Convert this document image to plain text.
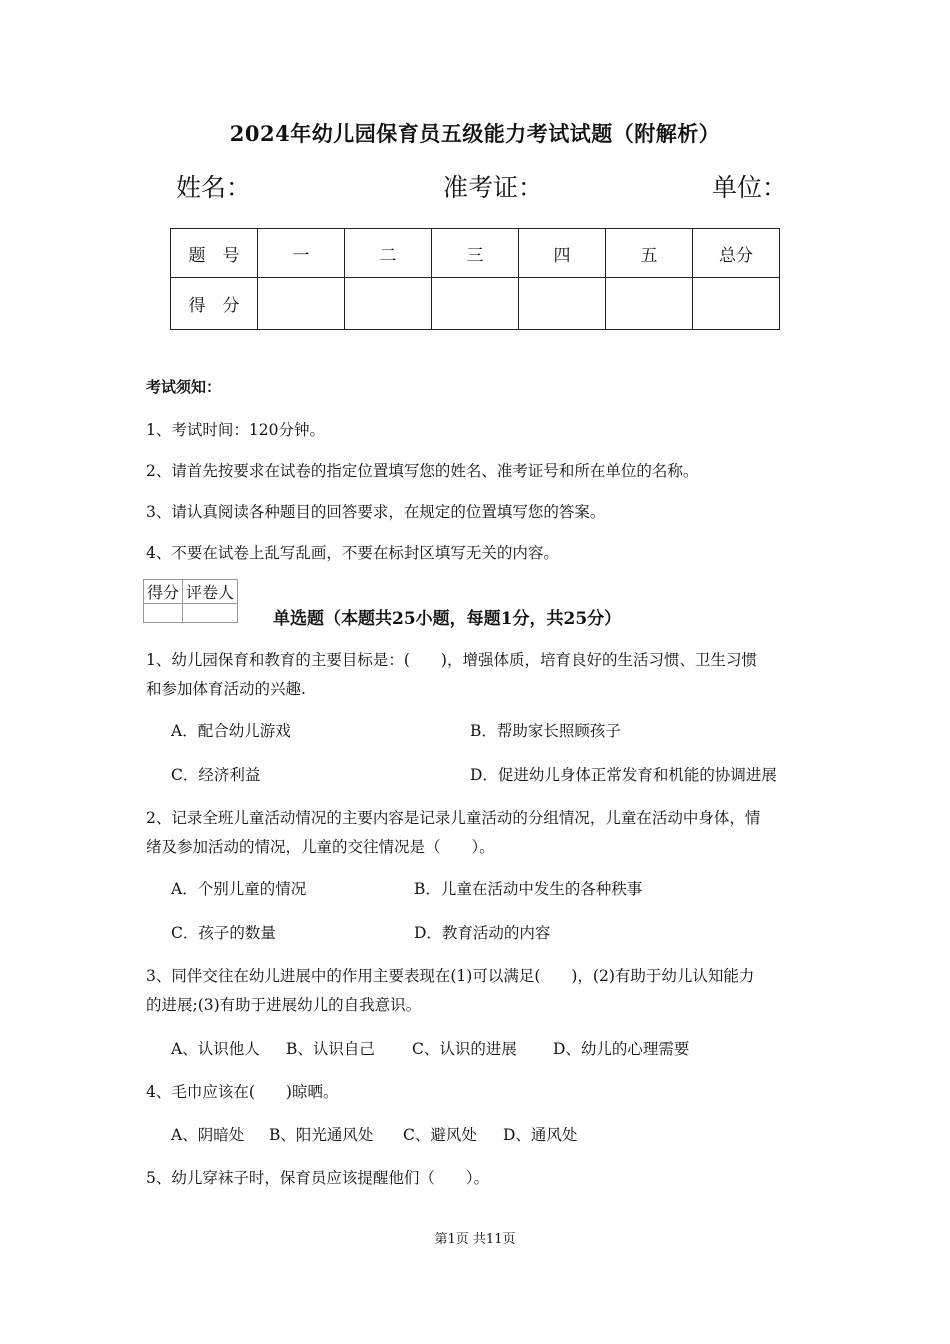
2024年幼儿园保育员五级能力考试试题（附解析）
姓名：	准考证：	单位：
题　号	一	二	三	四	五	总分
得　分						
考试须知：
1、考试时间：120分钟。
2、请首先按要求在试卷的指定位置填写您的姓名、准考证号和所在单位的名称。
3、请认真阅读各种题目的回答要求，在规定的位置填写您的答案。
4、不要在试卷上乱写乱画，不要在标封区填写无关的内容。
得分	评卷人

单选题（本题共25小题，每题1分，共25分）
1、幼儿园保育和教育的主要目标是：(　　)，增强体质，培育良好的生活习惯、卫生习惯
和参加体育活动的兴趣.
A．配合幼儿游戏	B．帮助家长照顾孩子
C．经济利益	D．促进幼儿身体正常发育和机能的协调进展
2、记录全班儿童活动情况的主要内容是记录儿童活动的分组情况，儿童在活动中身体，情
绪及参加活动的情况，儿童的交往情况是（　　）。
A．个别儿童的情况	B．儿童在活动中发生的各种秩事
C．孩子的数量	D．教育活动的内容
3、同伴交往在幼儿进展中的作用主要表现在(1)可以满足(　　)，(2)有助于幼儿认知能力
的进展;(3)有助于进展幼儿的自我意识。
A、认识他人 B、认识自己 C、认识的进展 D、幼儿的心理需要
4、毛巾应该在(　　)晾晒。
A、阴暗处 B、阳光通风处 C、避风处 D、通风处
5、幼儿穿袜子时，保育员应该提醒他们（　　）。
第1页 共11页
